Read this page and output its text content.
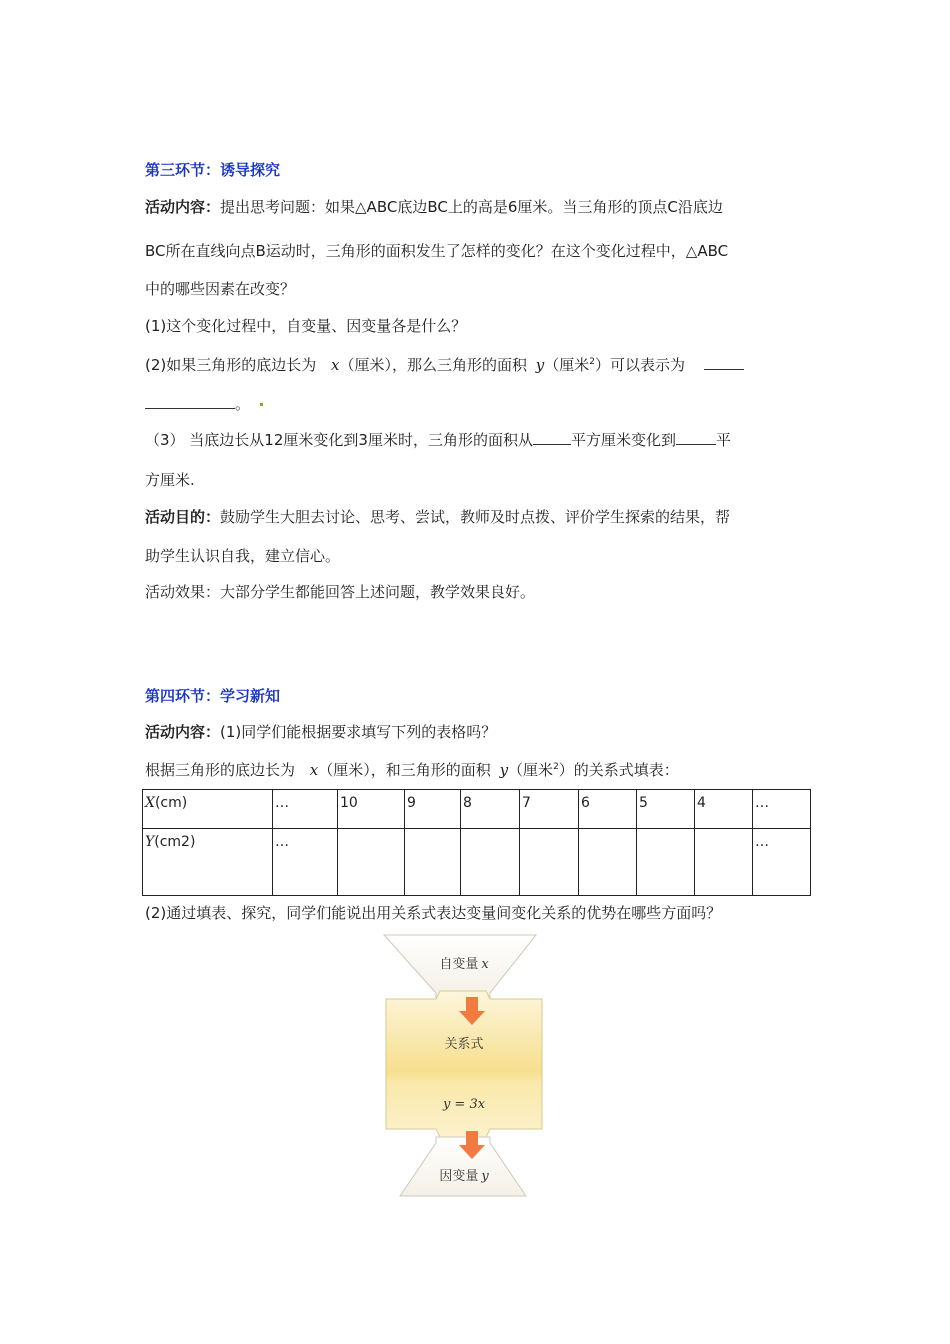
第三环节：诱导探究
活动内容：提出思考问题：如果△ABC底边BC上的高是6厘米。当三角形的顶点C沿底边
BC所在直线向点B运动时，三角形的面积发生了怎样的变化？在这个变化过程中，△ABC
中的哪些因素在改变？
(1)这个变化过程中，自变量、因变量各是什么？
(2)如果三角形的底边长为 x（厘米），那么三角形的面积 y（厘米$^2$）可以表示为
。
（3） 当底边长从12厘米变化到3厘米时，三角形的面积从	平方厘米变化到	平
方厘米.
活动目的：鼓励学生大胆去讨论、思考、尝试，教师及时点拨、评价学生探索的结果，帮
助学生认识自我，建立信心。
活动效果：大部分学生都能回答上述问题，教学效果良好。
第四环节：学习新知
活动内容：(1)同学们能根据要求填写下列的表格吗？
根据三角形的底边长为 x（厘米），和三角形的面积 y（厘米$^2$）的关系式填表：
X(cm)	…	10	9	8	7	6	5	4	…
Y(cm2)	…								…
(2)通过填表、探究，同学们能说出用关系式表达变量间变化关系的优势在哪些方面吗？
自变量 x
关系式
y = 3x
因变量 y
